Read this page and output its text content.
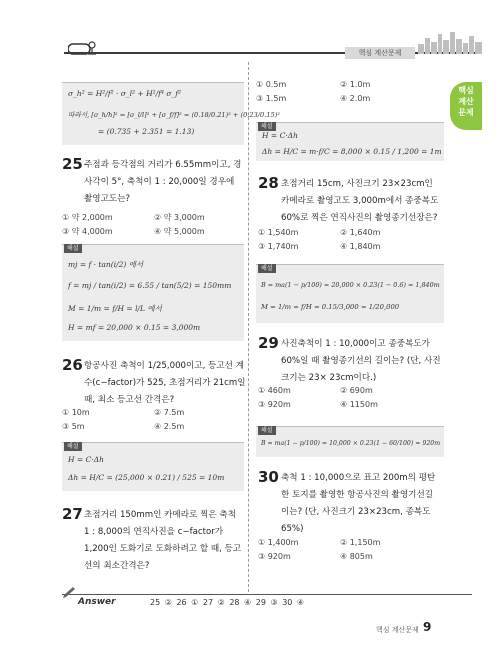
핵심 계산문제
핵심
계산
문제
σ_h² = H²/f² · σ_l² + H²/f⁴ σ_f²
따라서, [σ_h/h]² = [σ_l/l]² + [σ_f/f]² = (0.18/0.21)² + (0.23/0.15)²
= (0.735 + 2.351 = 1.13)
25 주점과 등각점의 거리가 6.55mm이고, 경
사각이 5°, 축척이 1 : 20,000일 경우에
촬영고도는?
① 약 2,000m	② 약 3,000m
③ 약 4,000m	④ 약 5,000m
해설
mj = f · tan(i/2) 에서
f = mj / tan(i/2) = 6.55 / tan(5/2) = 150mm
M = 1/m = f/H = l/L 에서
H = mf = 20,000 × 0.15 = 3,000m
26 항공사진 축척이 1/25,000이고, 등고선 계
수(c−factor)가 525, 초점거리가 21cm일
때, 최소 등고선 간격은?
① 10m	② 7.5m
③ 5m	④ 2.5m
해설
H = C·Δh
Δh = H/C = (25,000 × 0.21) / 525 = 10m
27 초점거리 150mm인 카메라로 찍은 축척
1 : 8,000의 연직사진을 c−factor가
1,200인 도화기로 도화하려고 할 때, 등고
선의 최소간격은?
① 0.5m	② 1.0m
③ 1.5m	④ 2.0m
해설
H = C·Δh
Δh = H/C = m·f/C = 8,000 × 0.15 / 1,200 = 1m
28 초점거리 15cm, 사진크기 23×23cm인
카메라로 촬영고도 3,000m에서 종중복도
60%로 찍은 연직사진의 촬영종기선장은?
① 1,540m	② 1,640m
③ 1,740m	④ 1,840m
해설
B = ma(1 − p/100) = 20,000 × 0.23(1 − 0.6) = 1,840m
M = 1/m = f/H = 0.15/3,000 = 1/20,000
29 사진축척이 1 : 10,000이고 종중복도가
60%일 때 촬영종기선의 길이는? (단, 사진
크기는 23× 23cm이다.)
① 460m	② 690m
③ 920m	④ 1150m
해설
B = ma(1 − p/100) = 10,000 × 0.23(1 − 60/100) = 920m
30 축척 1 : 10,000으로 표고 200m의 평탄
한 토지를 촬영한 항공사진의 촬영기선길
이는? (단, 사진크기 23×23cm, 종복도
65%)
① 1,400m	② 1,150m
③ 920m	④ 805m
Answer	25 ② 26 ① 27 ② 28 ④ 29 ③ 30 ④
핵심 계산문제 9
